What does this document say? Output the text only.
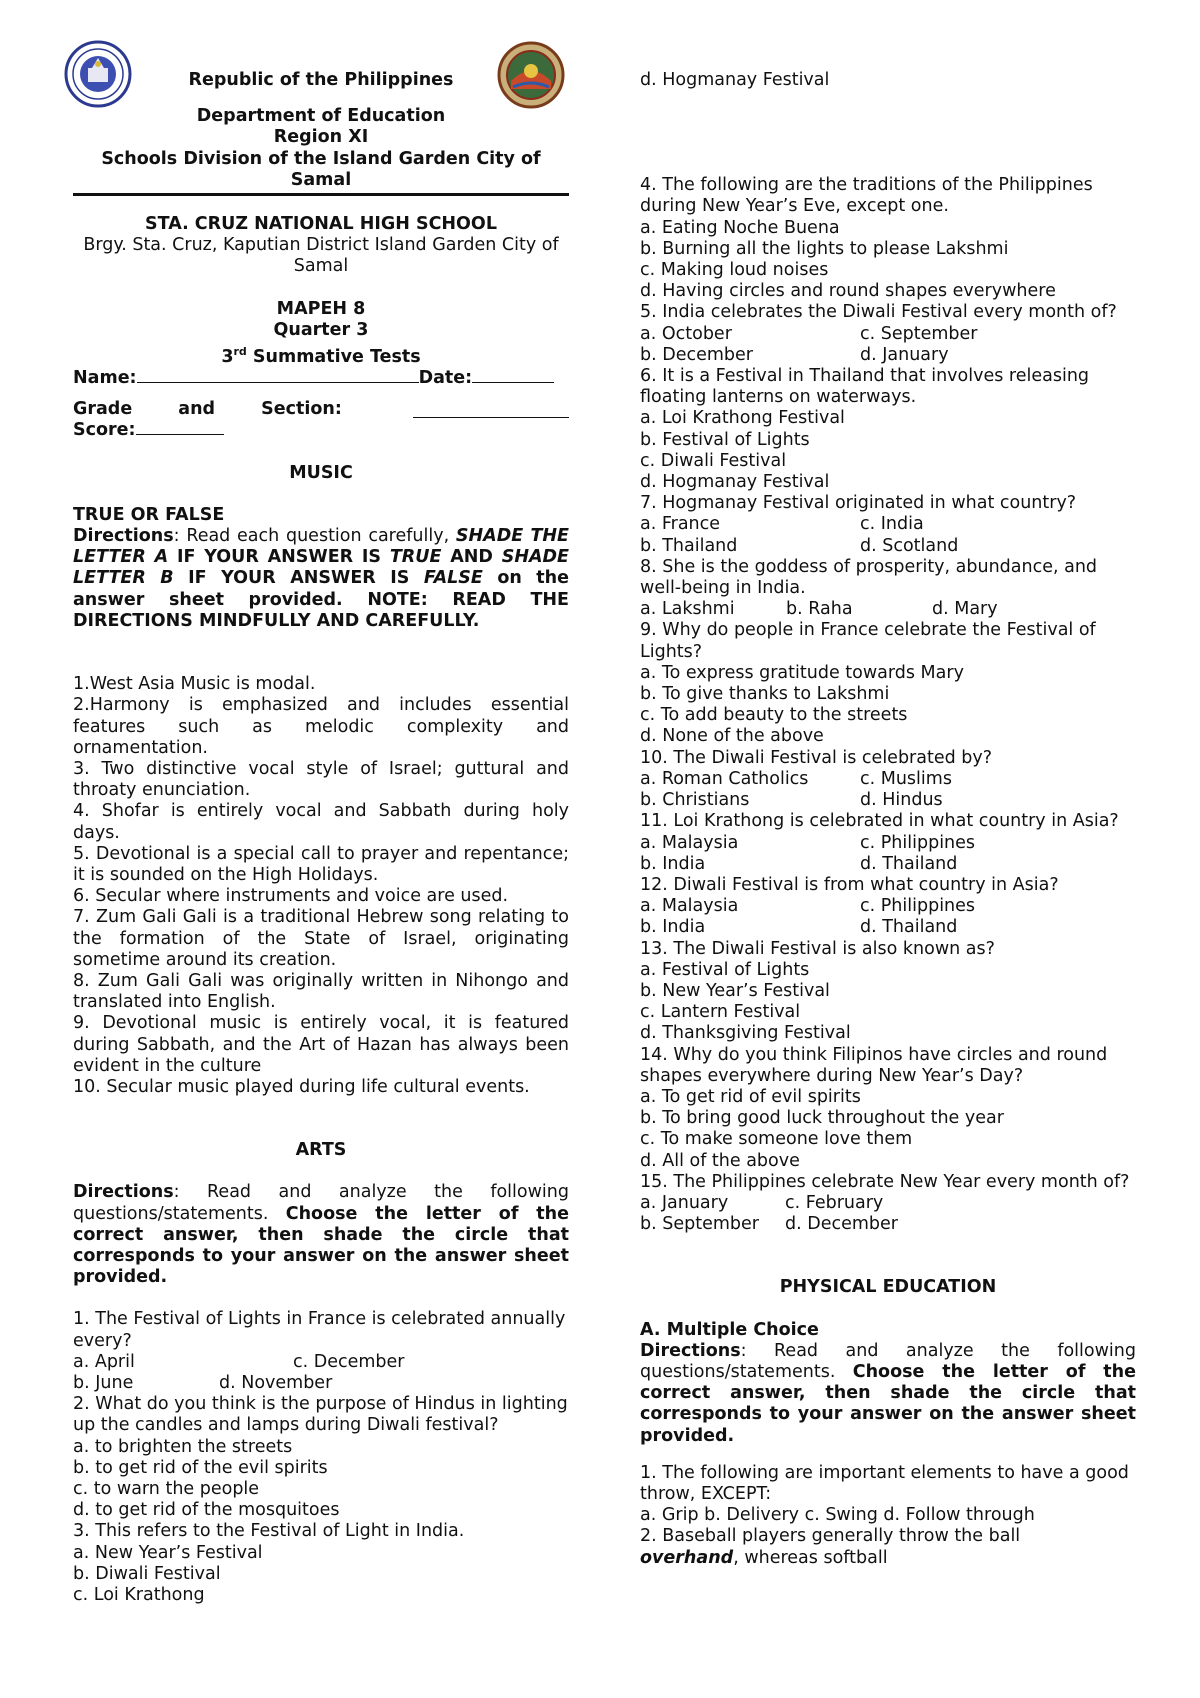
Republic of the Philippines

Department of Education

Region XI

Schools Division of the Island Garden City of Samal

STA. CRUZ NATIONAL HIGH SCHOOL

Brgy. Sta. Cruz, Kaputian District Island Garden City of Samal

MAPEH 8

Quarter 3

3rd Summative Tests

Name:	Date:

Grade and Section:

Score:

MUSIC

TRUE OR FALSE

Directions: Read each question carefully, SHADE THE LETTER A IF YOUR ANSWER IS TRUE AND SHADE LETTER B IF YOUR ANSWER IS FALSE on the answer sheet provided. NOTE: READ THE DIRECTIONS MINDFULLY AND CAREFULLY.

1.West Asia Music is modal.

2.Harmony is emphasized and includes essential features such as melodic complexity and ornamentation.

3. Two distinctive vocal style of Israel; guttural and throaty enunciation.

4. Shofar is entirely vocal and Sabbath during holy days.

5. Devotional is a special call to prayer and repentance; it is sounded on the High Holidays.

6. Secular where instruments and voice are used.

7. Zum Gali Gali is a traditional Hebrew song relating to the formation of the State of Israel, originating sometime around its creation.

8. Zum Gali Gali was originally written in Nihongo and translated into English.

9. Devotional music is entirely vocal, it is featured during Sabbath, and the Art of Hazan has always been evident in the culture

10. Secular music played during life cultural events.

ARTS

Directions: Read and analyze the following questions/statements. Choose the letter of the correct answer, then shade the circle that corresponds to your answer on the answer sheet provided.

1. The Festival of Lights in France is celebrated annually every?

a. April	c. December

b. June	d. November

2. What do you think is the purpose of Hindus in lighting up the candles and lamps during Diwali festival?

a. to brighten the streets

b. to get rid of the evil spirits

c. to warn the people

d. to get rid of the mosquitoes

3. This refers to the Festival of Light in India.

a. New Year’s Festival

b. Diwali Festival

c. Loi Krathong

d. Hogmanay Festival

4. The following are the traditions of the Philippines during New Year’s Eve, except one.

a. Eating Noche Buena

b. Burning all the lights to please Lakshmi

c. Making loud noises

d. Having circles and round shapes everywhere

5. India celebrates the Diwali Festival every month of?

a. October	c. September

b. December	d. January

6. It is a Festival in Thailand that involves releasing floating lanterns on waterways.

a. Loi Krathong Festival

b. Festival of Lights

c. Diwali Festival

d. Hogmanay Festival

7. Hogmanay Festival originated in what country?

a. France	c. India

b. Thailand	d. Scotland

8. She is the goddess of prosperity, abundance, and well-being in India.

a. Lakshmi	b. Raha	d. Mary

9. Why do people in France celebrate the Festival of Lights?

a. To express gratitude towards Mary

b. To give thanks to Lakshmi

c. To add beauty to the streets

d. None of the above

10. The Diwali Festival is celebrated by?

a. Roman Catholics	c. Muslims

b. Christians	d. Hindus

11. Loi Krathong is celebrated in what country in Asia?

a. Malaysia	c. Philippines

b. India	d. Thailand

12. Diwali Festival is from what country in Asia?

a. Malaysia	c. Philippines

b. India	d. Thailand

13. The Diwali Festival is also known as?

a. Festival of Lights

b. New Year’s Festival

c. Lantern Festival

d. Thanksgiving Festival

14. Why do you think Filipinos have circles and round shapes everywhere during New Year’s Day?

a. To get rid of evil spirits

b. To bring good luck throughout the year

c. To make someone love them

d. All of the above

15. The Philippines celebrate New Year every month of?

a. January	c. February

b. September	d. December

PHYSICAL EDUCATION

A. Multiple Choice

Directions: Read and analyze the following questions/statements. Choose the letter of the correct answer, then shade the circle that corresponds to your answer on the answer sheet provided.

1. The following are important elements to have a good throw, EXCEPT:

a. Grip b. Delivery c. Swing d. Follow through

2. Baseball players generally throw the ball

overhand, whereas softball
